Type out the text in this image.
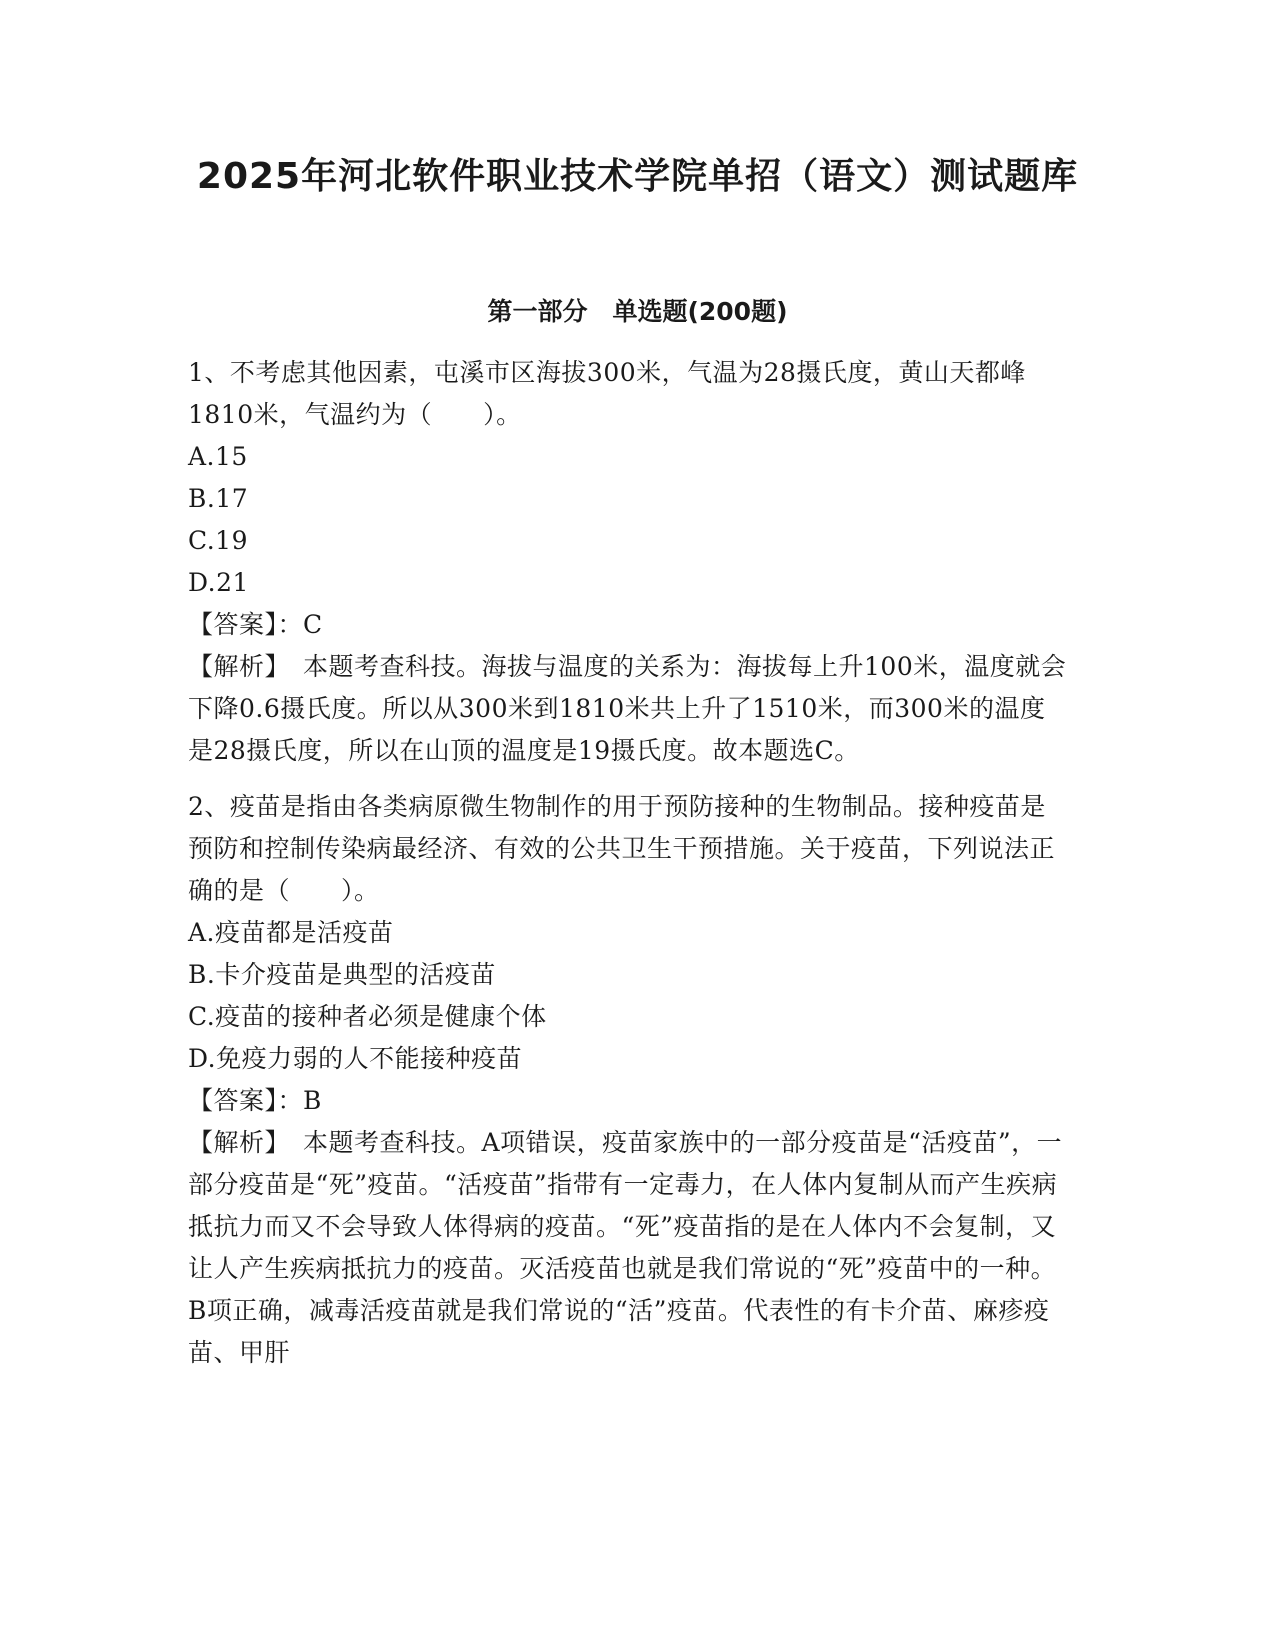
2025年河北软件职业技术学院单招（语文）测试题库
第一部分　单选题(200题)
1、不考虑其他因素，屯溪市区海拔300米，气温为28摄氏度，黄山天都峰1810米，气温约为（　　）。
A.15
B.17
C.19
D.21
【答案】：C
【解析】　本题考查科技。海拔与温度的关系为：海拔每上升100米，温度就会下降0.6摄氏度。所以从300米到1810米共上升了1510米，而300米的温度是28摄氏度，所以在山顶的温度是19摄氏度。故本题选C。
2、疫苗是指由各类病原微生物制作的用于预防接种的生物制品。接种疫苗是预防和控制传染病最经济、有效的公共卫生干预措施。关于疫苗，下列说法正确的是（　　）。
A.疫苗都是活疫苗
B.卡介疫苗是典型的活疫苗
C.疫苗的接种者必须是健康个体
D.免疫力弱的人不能接种疫苗
【答案】：B
【解析】　本题考查科技。A项错误，疫苗家族中的一部分疫苗是“活疫苗”，一部分疫苗是“死”疫苗。“活疫苗”指带有一定毒力，在人体内复制从而产生疾病抵抗力而又不会导致人体得病的疫苗。“死”疫苗指的是在人体内不会复制，又让人产生疾病抵抗力的疫苗。灭活疫苗也就是我们常说的“死”疫苗中的一种。B项正确，减毒活疫苗就是我们常说的“活”疫苗。代表性的有卡介苗、麻疹疫苗、甲肝
